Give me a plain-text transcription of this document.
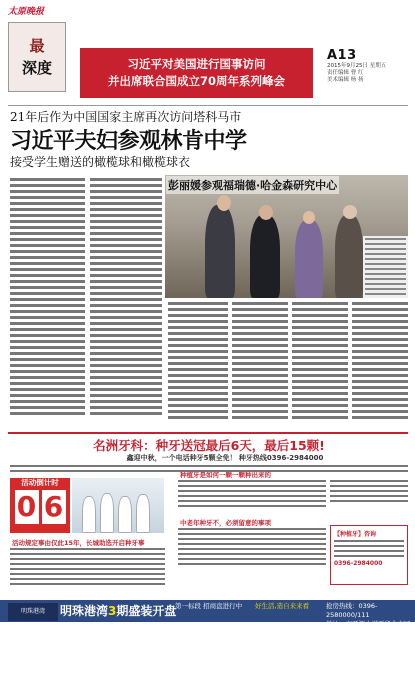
太原晚报
最
深度	习近平对美国进行国事访问
并出席联合国成立70周年系列峰会
A13
2015年9月25日 星期五
责任编辑 曹 红
美术编辑 杨 扬
21年后作为中国国家主席再次访问塔科马市
习近平夫妇参观林肯中学
接受学生赠送的橄榄球和橄榄球衣
彭丽媛参观福瑞德·哈金森研究中心
名洲牙科：种牙送冠最后6天，最后15颗!
鑫迎中秋，一个电话种牙5颗全免！ 种牙热线0396-2984000
活动倒计时
0 6
活动规定事由仅此15年，长城助选开启种牙事
种植牙是如何一颗一颗种出来的
中老年种牙不，必须留意的事项
【种植牙】咨询
0396-2984000
明珠港湾	明珠港湾3期盛装开盘
第一标段 招商盘进行中	好生活,造自来来看	抢房热线：0396-2580000/111
地址：市开源大道西段金杏园
